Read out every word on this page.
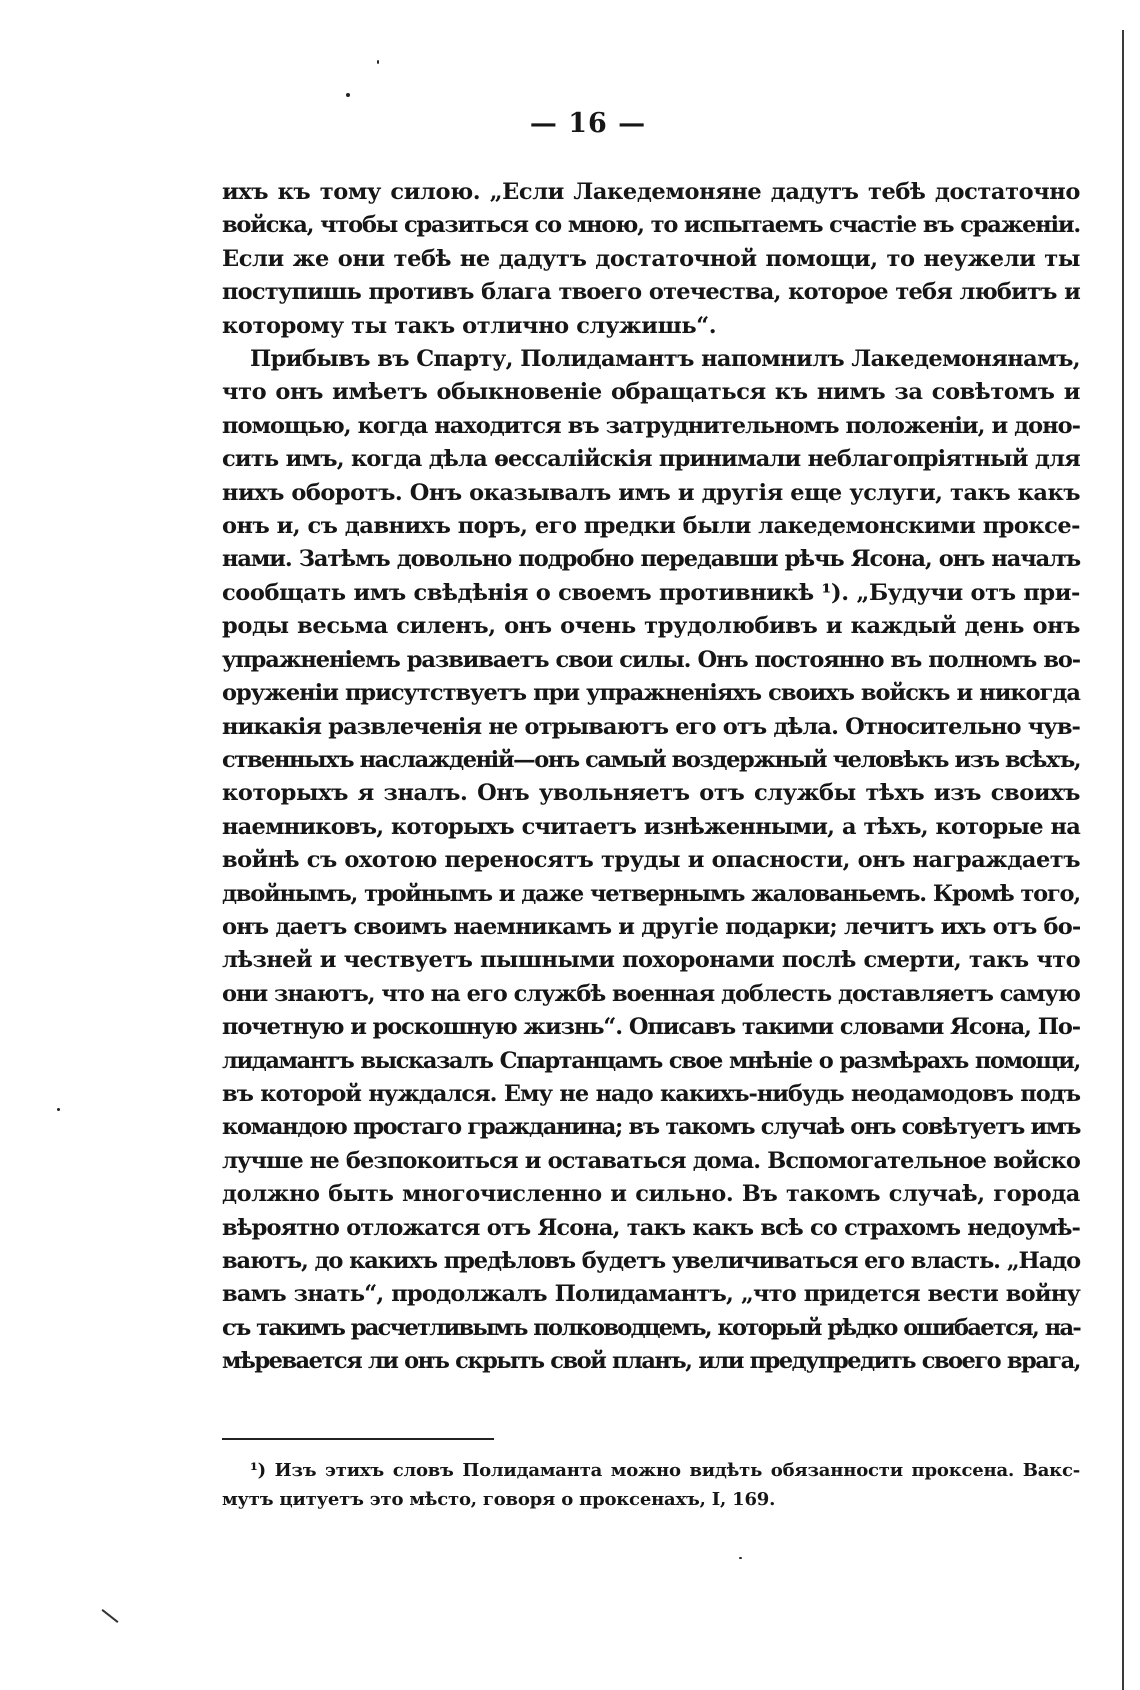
— 16 —
ихъ къ тому силою. „Если Лакедемоняне дадутъ тебѣ достаточно
войска, чтобы сразиться со мною, то испытаемъ счастіе въ сраженіи.
Если же они тебѣ не дадутъ достаточной помощи, то неужели ты
поступишь противъ блага твоего отечества, которое тебя любитъ и
которому ты такъ отлично служишь“.
Прибывъ въ Спарту, Полидамантъ напомнилъ Лакедемонянамъ,
что онъ имѣетъ обыкновеніе обращаться къ нимъ за совѣтомъ и
помощью, когда находится въ затруднительномъ положеніи, и доно-
сить имъ, когда дѣла ѳессалійскія принимали неблагопріятный для
нихъ оборотъ. Онъ оказывалъ имъ и другія еще услуги, такъ какъ
онъ и, съ давнихъ поръ, его предки были лакедемонскими проксе-
нами. Затѣмъ довольно подробно передавши рѣчь Ясона, онъ началъ
сообщать имъ свѣдѣнія о своемъ противникѣ ¹). „Будучи отъ при-
роды весьма силенъ, онъ очень трудолюбивъ и каждый день онъ
упражненіемъ развиваетъ свои силы. Онъ постоянно въ полномъ во-
оруженіи присутствуетъ при упражненіяхъ своихъ войскъ и никогда
никакія развлеченія не отрываютъ его отъ дѣла. Относительно чув-
ственныхъ наслажденій—онъ самый воздержный человѣкъ изъ всѣхъ,
которыхъ я зналъ. Онъ увольняетъ отъ службы тѣхъ изъ своихъ
наемниковъ, которыхъ считаетъ изнѣженными, а тѣхъ, которые на
войнѣ съ охотою переносятъ труды и опасности, онъ награждаетъ
двойнымъ, тройнымъ и даже четвернымъ жалованьемъ. Кромѣ того,
онъ даетъ своимъ наемникамъ и другіе подарки; лечитъ ихъ отъ бо-
лѣзней и чествуетъ пышными похоронами послѣ смерти, такъ что
они знаютъ, что на его службѣ военная доблесть доставляетъ самую
почетную и роскошную жизнь“. Описавъ такими словами Ясона, По-
лидамантъ высказалъ Спартанцамъ свое мнѣніе о размѣрахъ помощи,
въ которой нуждался. Ему не надо какихъ-нибудь неодамодовъ подъ
командою простаго гражданина; въ такомъ случаѣ онъ совѣтуетъ имъ
лучше не безпокоиться и оставаться дома. Вспомогательное войско
должно быть многочисленно и сильно. Въ такомъ случаѣ, города
вѣроятно отложатся отъ Ясона, такъ какъ всѣ со страхомъ недоумѣ-
ваютъ, до какихъ предѣловъ будетъ увеличиваться его власть. „Надо
вамъ знать“, продолжалъ Полидамантъ, „что придется вести войну
съ такимъ расчетливымъ полководцемъ, который рѣдко ошибается, на-
мѣревается ли онъ скрыть свой планъ, или предупредить своего врага,
¹) Изъ этихъ словъ Полидаманта можно видѣть обязанности проксена. Вакс-
мутъ цитуетъ это мѣсто, говоря о проксенахъ, I, 169.
